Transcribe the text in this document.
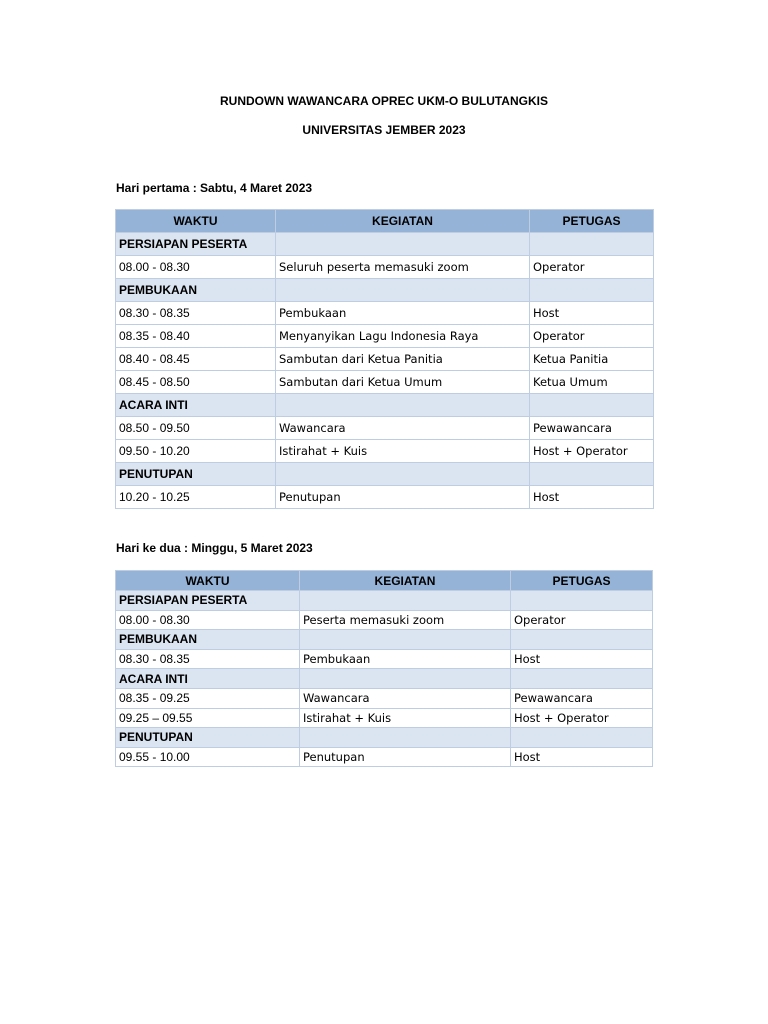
RUNDOWN WAWANCARA OPREC UKM-O BULUTANGKIS
UNIVERSITAS JEMBER 2023
Hari pertama : Sabtu, 4 Maret 2023
WAKTU	KEGIATAN	PETUGAS
PERSIAPAN PESERTA		
08.00 - 08.30	Seluruh peserta memasuki zoom	Operator
PEMBUKAAN		
08.30 - 08.35	Pembukaan	Host
08.35 - 08.40	Menyanyikan Lagu Indonesia Raya	Operator
08.40 - 08.45	Sambutan dari Ketua Panitia	Ketua Panitia
08.45 - 08.50	Sambutan dari Ketua Umum	Ketua Umum
ACARA INTI		
08.50 - 09.50	Wawancara	Pewawancara
09.50 - 10.20	Istirahat + Kuis	Host + Operator
PENUTUPAN		
10.20 - 10.25	Penutupan	Host
Hari ke dua : Minggu, 5 Maret 2023
WAKTU	KEGIATAN	PETUGAS
PERSIAPAN PESERTA		
08.00 - 08.30	Peserta memasuki zoom	Operator
PEMBUKAAN		
08.30 - 08.35	Pembukaan	Host
ACARA INTI		
08.35 - 09.25	Wawancara	Pewawancara
09.25 – 09.55	Istirahat + Kuis	Host + Operator
PENUTUPAN		
09.55 - 10.00	Penutupan	Host
